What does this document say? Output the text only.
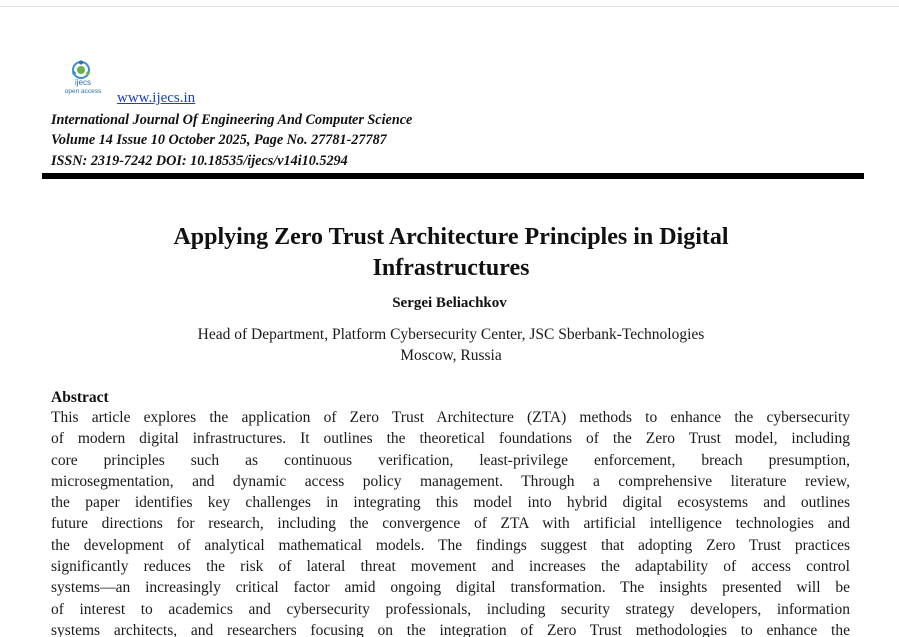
ijecs
open access	www.ijecs.in
International Journal Of Engineering And Computer Science
Volume 14 Issue 10 October 2025, Page No. 27781-27787
ISSN: 2319-7242 DOI: 10.18535/ijecs/v14i10.5294
Applying Zero Trust Architecture Principles in Digital
Infrastructures
Sergei Beliachkov
Head of Department, Platform Cybersecurity Center, JSC Sberbank-Technologies
Moscow, Russia
Abstract
This article explores the application of Zero Trust Architecture (ZTA) methods to enhance the cybersecurity
of modern digital infrastructures. It outlines the theoretical foundations of the Zero Trust model, including
core principles such as continuous verification, least-privilege enforcement, breach presumption,
microsegmentation, and dynamic access policy management. Through a comprehensive literature review,
the paper identifies key challenges in integrating this model into hybrid digital ecosystems and outlines
future directions for research, including the convergence of ZTA with artificial intelligence technologies and
the development of analytical mathematical models. The findings suggest that adopting Zero Trust practices
significantly reduces the risk of lateral threat movement and increases the adaptability of access control
systems—an increasingly critical factor amid ongoing digital transformation. The insights presented will be
of interest to academics and cybersecurity professionals, including security strategy developers, information
systems architects, and researchers focusing on the integration of Zero Trust methodologies to enhance the
